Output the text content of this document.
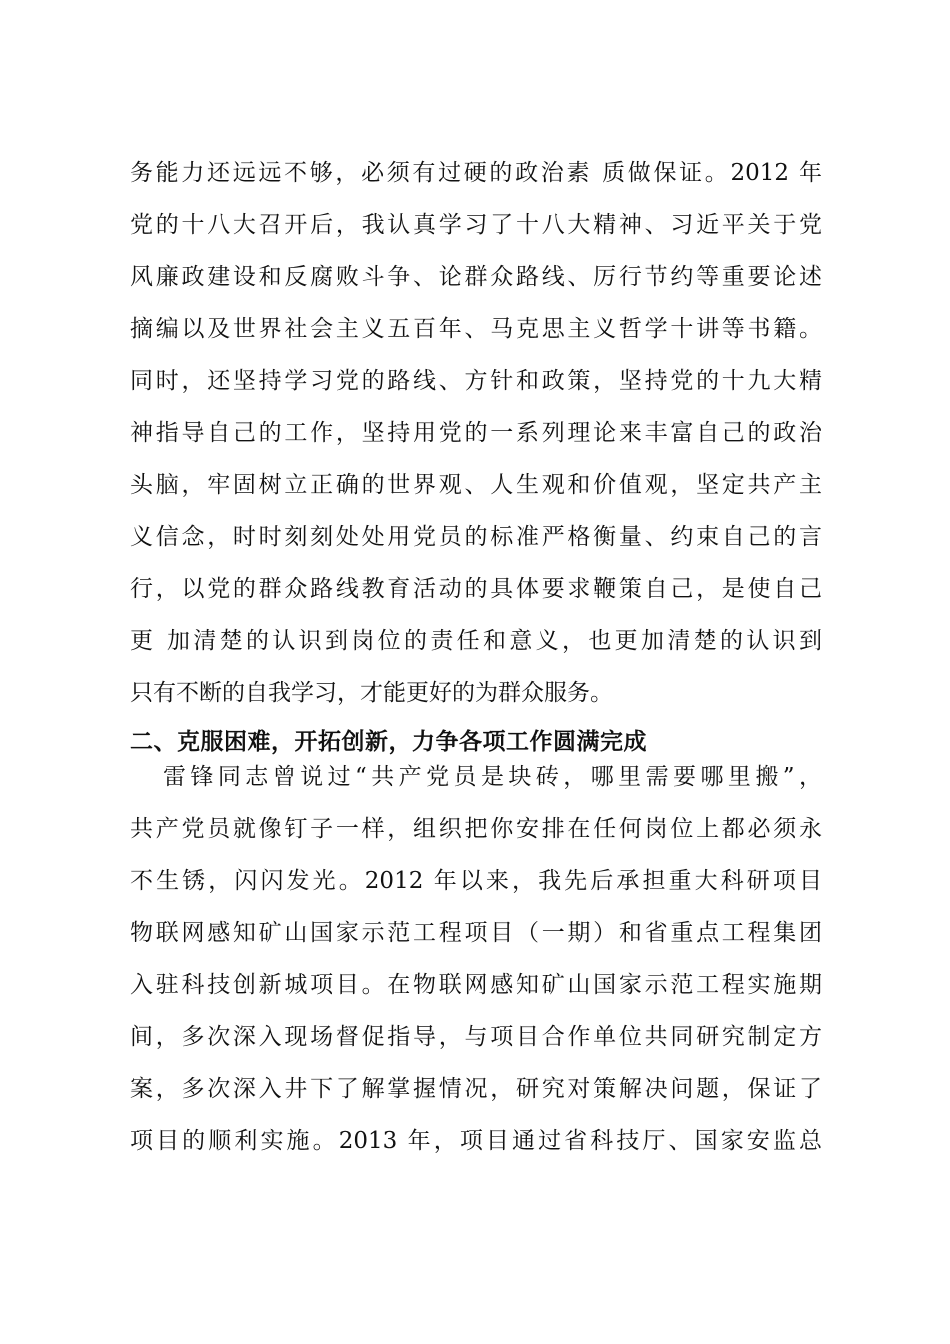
务能力还远远不够，必须有过硬的政治素 质做保证。2012 年
党的十八大召开后，我认真学习了十八大精神、习近平关于党
风廉政建设和反腐败斗争、论群众路线、厉行节约等重要论述
摘编以及世界社会主义五百年、马克思主义哲学十讲等书籍。
同时，还坚持学习党的路线、方针和政策，坚持党的十九大精
神指导自己的工作，坚持用党的一系列理论来丰富自己的政治
头脑，牢固树立正确的世界观、人生观和价值观，坚定共产主
义信念，时时刻刻处处用党员的标准严格衡量、约束自己的言
行，以党的群众路线教育活动的具体要求鞭策自己，是使自己
更 加清楚的认识到岗位的责任和意义，也更加清楚的认识到
只有不断的自我学习，才能更好的为群众服务。
二、克服困难，开拓创新，力争各项工作圆满完成
雷锋同志曾说过“共产党员是块砖，哪里需要哪里搬”，
共产党员就像钉子一样，组织把你安排在任何岗位上都必须永
不生锈，闪闪发光。2012 年以来，我先后承担重大科研项目
物联网感知矿山国家示范工程项目（一期）和省重点工程集团
入驻科技创新城项目。在物联网感知矿山国家示范工程实施期
间，多次深入现场督促指导，与项目合作单位共同研究制定方
案，多次深入井下了解掌握情况，研究对策解决问题，保证了
项目的顺利实施。2013 年，项目通过省科技厅、国家安监总
